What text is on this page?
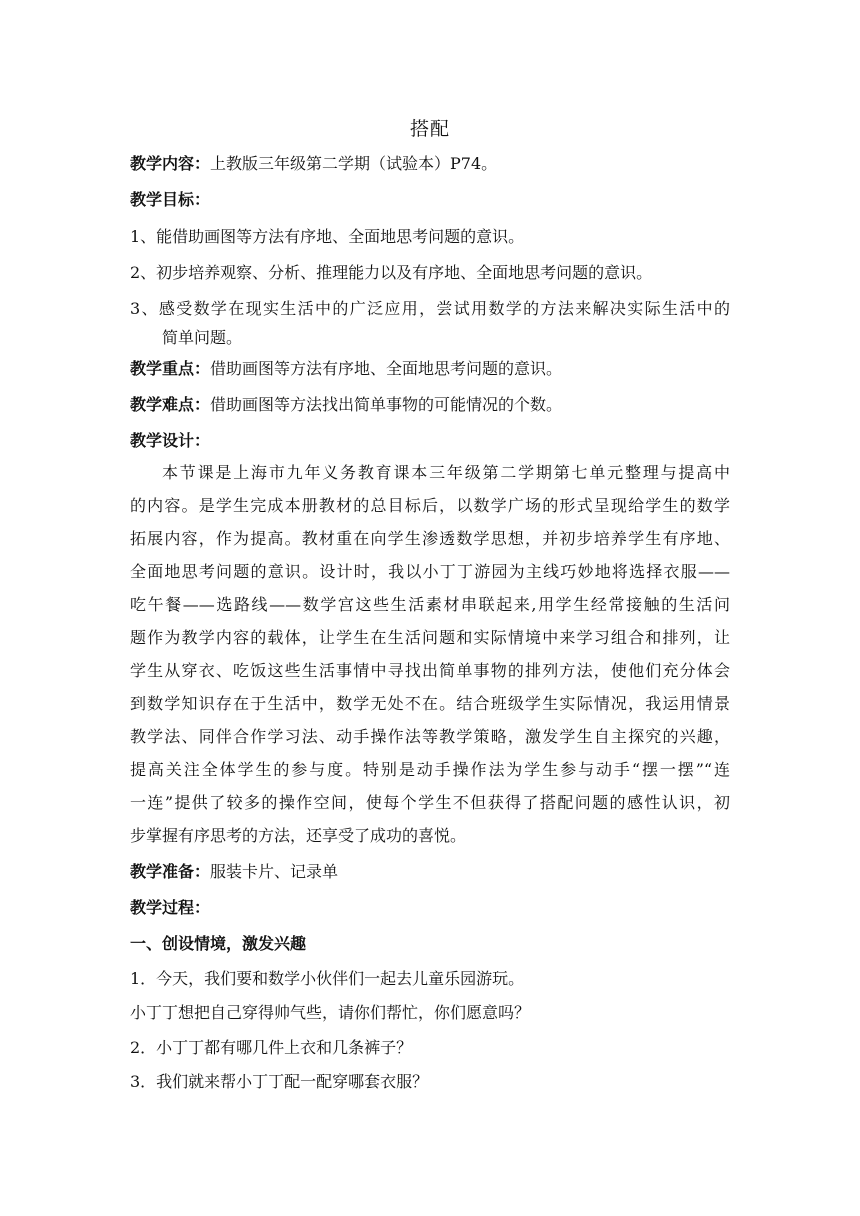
搭配
教学内容：上教版三年级第二学期（试验本）P74。
教学目标：
1、能借助画图等方法有序地、全面地思考问题的意识。
2、初步培养观察、分析、推理能力以及有序地、全面地思考问题的意识。
3、感受数学在现实生活中的广泛应用，尝试用数学的方法来解决实际生活中的
简单问题。
教学重点：借助画图等方法有序地、全面地思考问题的意识。
教学难点：借助画图等方法找出简单事物的可能情况的个数。
教学设计：
本节课是上海市九年义务教育课本三年级第二学期第七单元整理与提高中
的内容。是学生完成本册教材的总目标后，以数学广场的形式呈现给学生的数学
拓展内容，作为提高。教材重在向学生渗透数学思想，并初步培养学生有序地、
全面地思考问题的意识。设计时，我以小丁丁游园为主线巧妙地将选择衣服——
吃午餐——选路线——数学宫这些生活素材串联起来,用学生经常接触的生活问
题作为教学内容的载体，让学生在生活问题和实际情境中来学习组合和排列，让
学生从穿衣、吃饭这些生活事情中寻找出简单事物的排列方法，使他们充分体会
到数学知识存在于生活中，数学无处不在。结合班级学生实际情况，我运用情景
教学法、同伴合作学习法、动手操作法等教学策略，激发学生自主探究的兴趣，
提高关注全体学生的参与度。特别是动手操作法为学生参与动手“摆一摆”“连
一连”提供了较多的操作空间，使每个学生不但获得了搭配问题的感性认识，初
步掌握有序思考的方法，还享受了成功的喜悦。
教学准备：服装卡片、记录单
教学过程：
一、创设情境，激发兴趣
1．今天，我们要和数学小伙伴们一起去儿童乐园游玩。
小丁丁想把自己穿得帅气些，请你们帮忙，你们愿意吗？
2．小丁丁都有哪几件上衣和几条裤子？
3．我们就来帮小丁丁配一配穿哪套衣服？
